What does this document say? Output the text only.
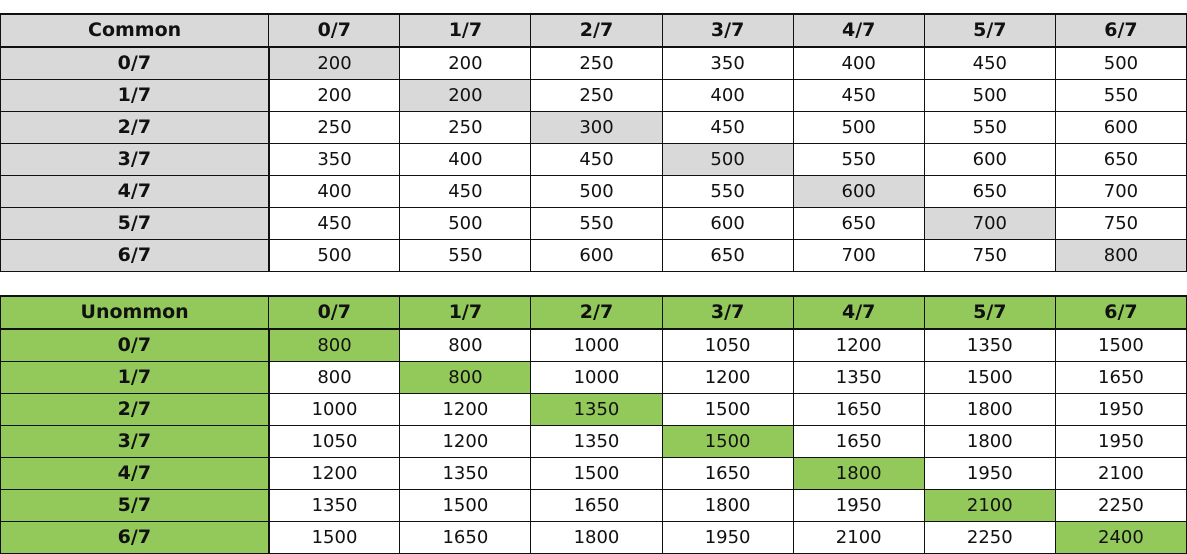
Common	0/7	1/7	2/7	3/7	4/7	5/7	6/7
0/7	200	200	250	350	400	450	500
1/7	200	200	250	400	450	500	550
2/7	250	250	300	450	500	550	600
3/7	350	400	450	500	550	600	650
4/7	400	450	500	550	600	650	700
5/7	450	500	550	600	650	700	750
6/7	500	550	600	650	700	750	800
Unommon	0/7	1/7	2/7	3/7	4/7	5/7	6/7
0/7	800	800	1000	1050	1200	1350	1500
1/7	800	800	1000	1200	1350	1500	1650
2/7	1000	1200	1350	1500	1650	1800	1950
3/7	1050	1200	1350	1500	1650	1800	1950
4/7	1200	1350	1500	1650	1800	1950	2100
5/7	1350	1500	1650	1800	1950	2100	2250
6/7	1500	1650	1800	1950	2100	2250	2400
